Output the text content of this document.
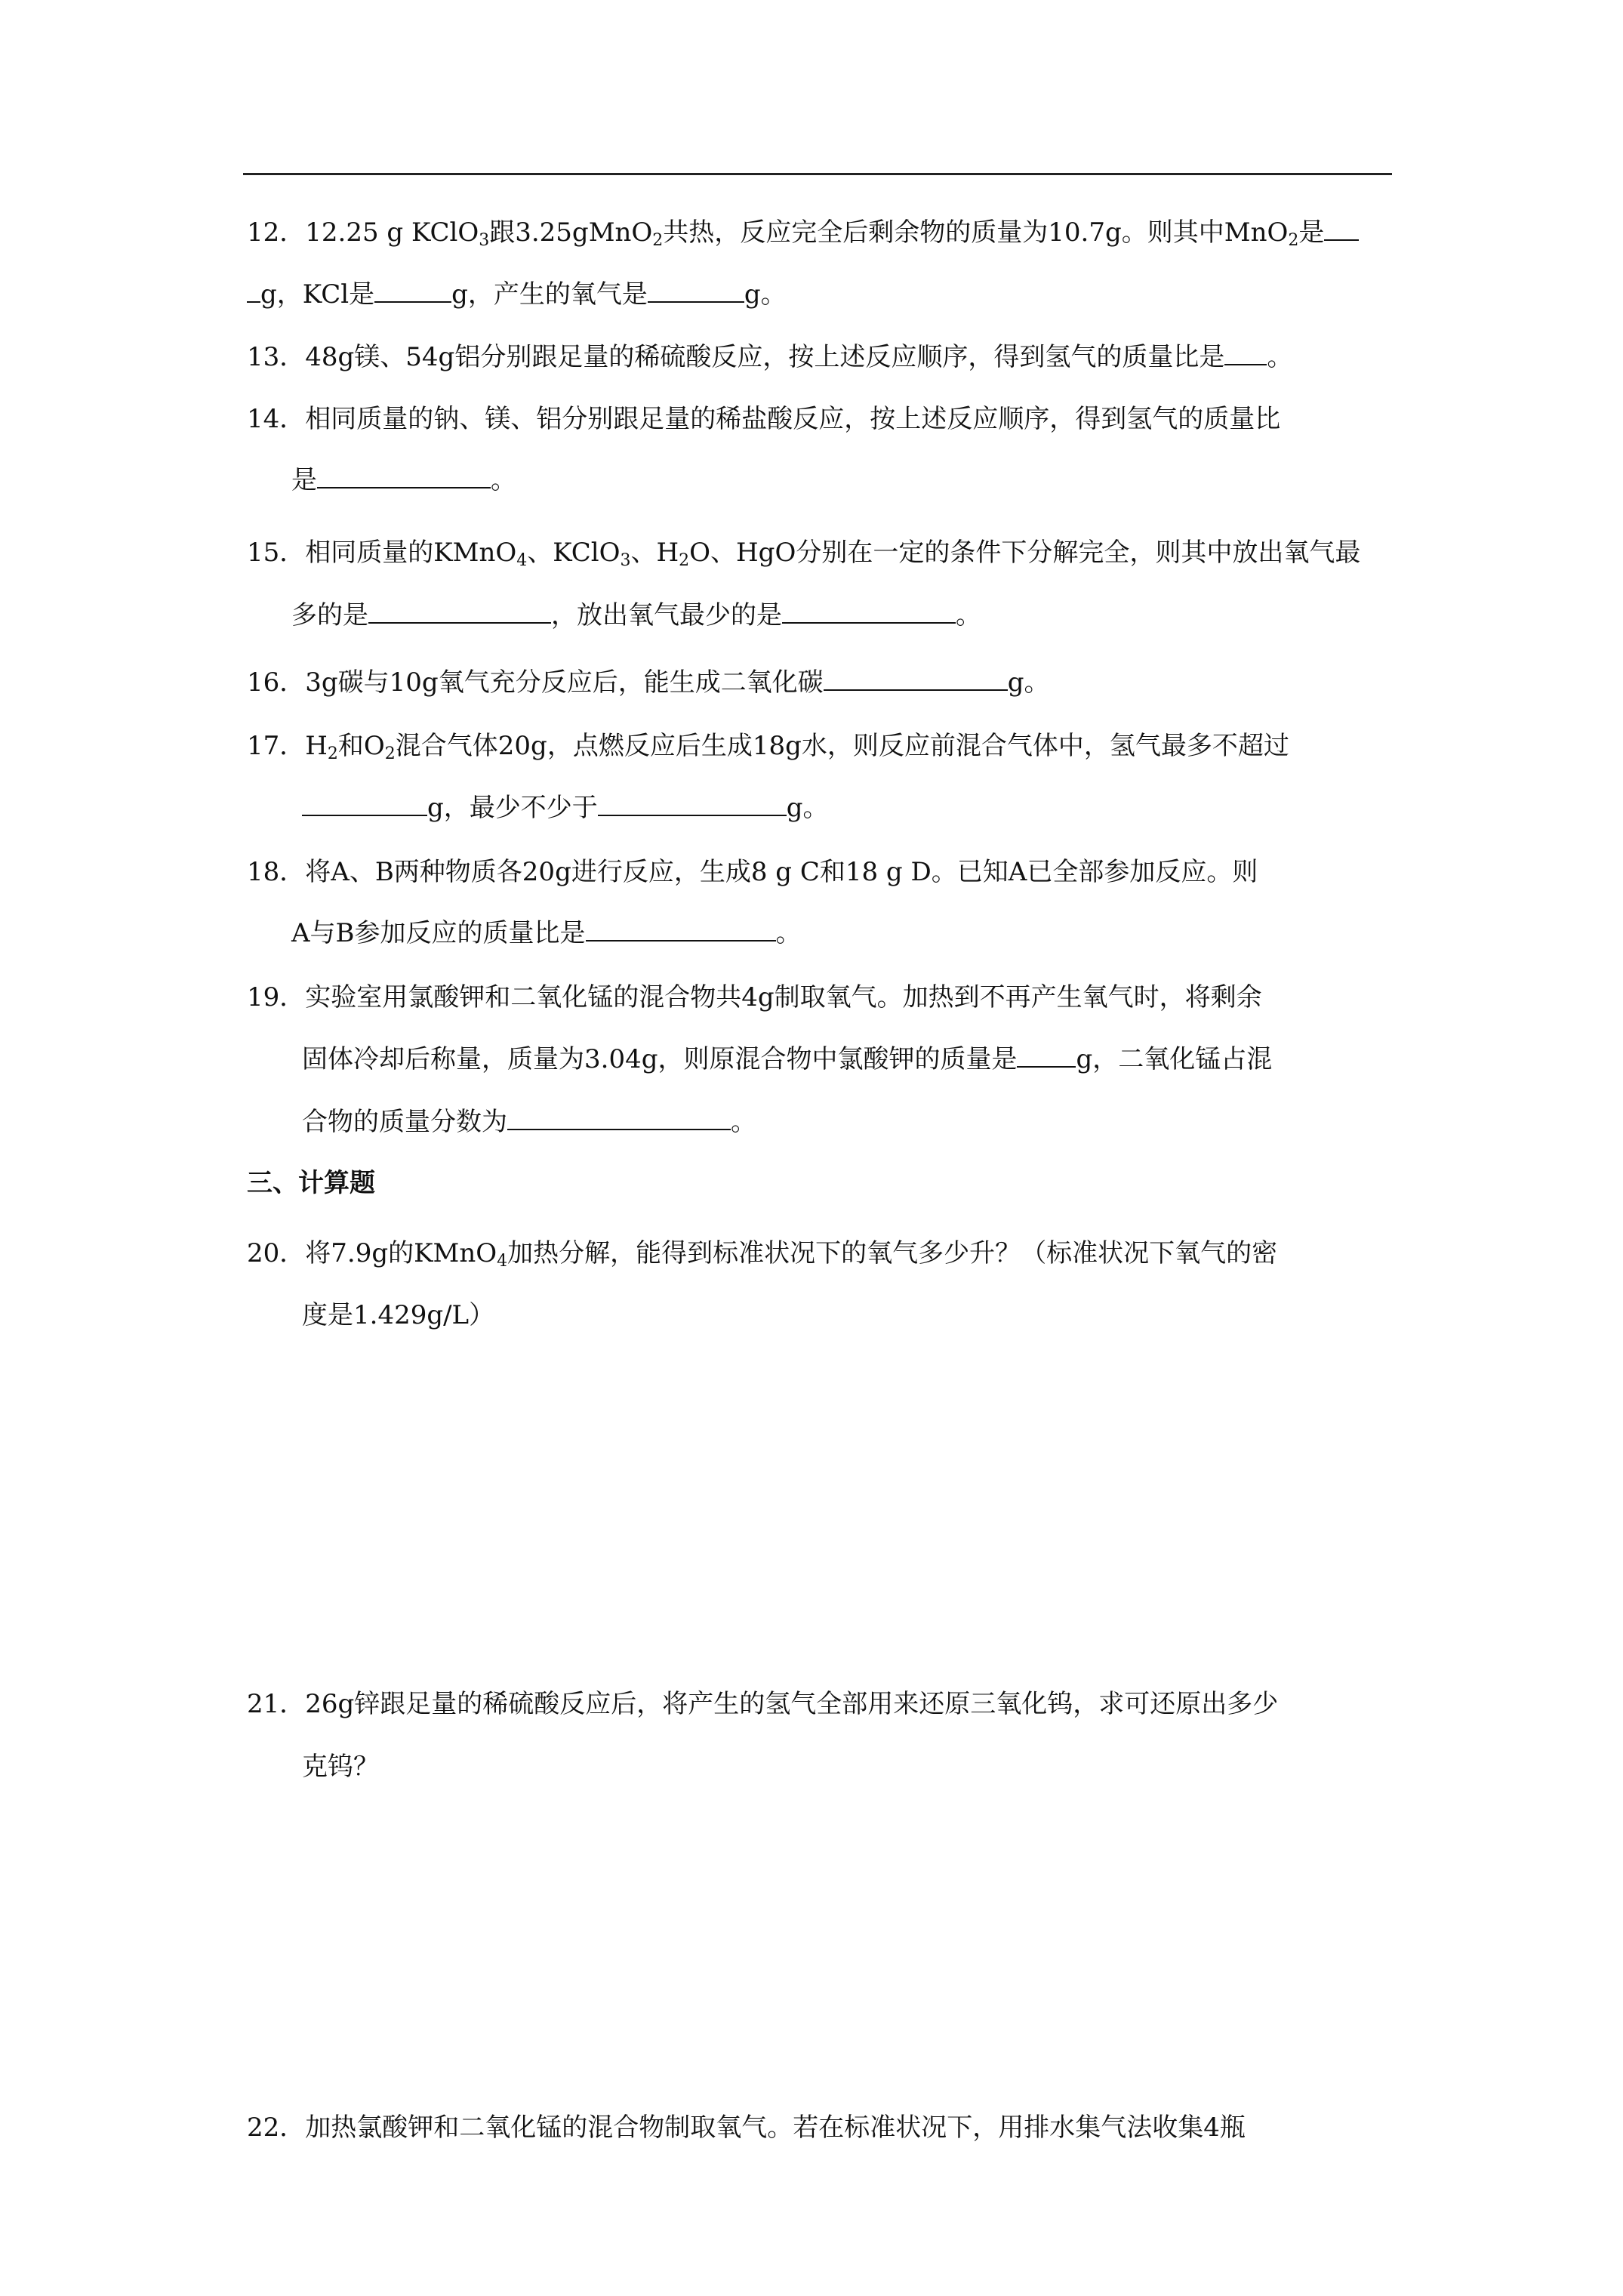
12．12.25 g KClO$_3$跟3.25gMnO$_2$共热，反应完全后剩余物的质量为10.7g。则其中MnO$_2$是
g，KCl是	g，产生的氧气是	g。
13．48g镁、54g铝分别跟足量的稀硫酸反应，按上述反应顺序，得到氢气的质量比是 。
14．相同质量的钠、镁、铝分别跟足量的稀盐酸反应，按上述反应顺序，得到氢气的质量比
是	。
15．相同质量的KMnO$_4$、KClO$_3$、$H_2O$、HgO分别在一定的条件下分解完全，则其中放出氧气最
多的是	，放出氧气最少的是	。
16．3g碳与10g氧气充分反应后，能生成二氧化碳	g。
17．$H_2$和$O_2$混合气体20g，点燃反应后生成18g水，则反应前混合气体中，氢气最多不超过
g，最少不少于	g。
18．将A、B两种物质各20g进行反应，生成8 g C和18 g D。已知A已全部参加反应。则
A与B参加反应的质量比是	。
19．实验室用氯酸钾和二氧化锰的混合物共4g制取氧气。加热到不再产生氧气时，将剩余
固体冷却后称量，质量为3.04g，则原混合物中氯酸钾的质量是 g，二氧化锰占混
合物的质量分数为	。
三、计算题
20．将7.9g的KMnO$_4$加热分解，能得到标准状况下的氧气多少升？（标准状况下氧气的密
度是1.429g/L）
21．26g锌跟足量的稀硫酸反应后，将产生的氢气全部用来还原三氧化钨，求可还原出多少
克钨？
22．加热氯酸钾和二氧化锰的混合物制取氧气。若在标准状况下，用排水集气法收集4瓶
